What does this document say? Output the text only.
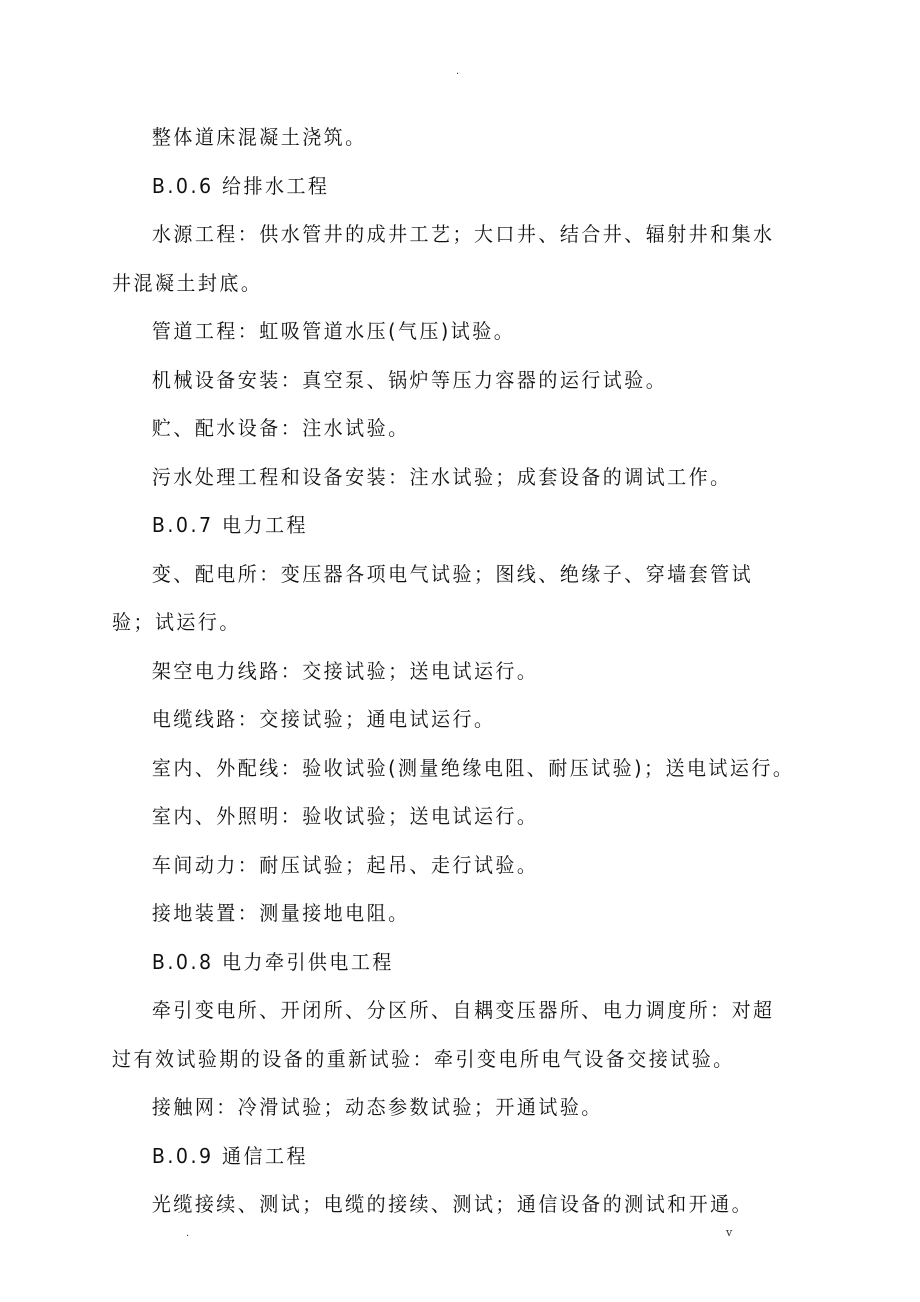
.

整体道床混凝土浇筑。

B.0.6 给排水工程

水源工程：供水管井的成井工艺；大口井、结合井、辐射井和集水井混凝土封底。

管道工程：虹吸管道水压(气压)试验。

机械设备安装：真空泵、锅炉等压力容器的运行试验。

贮、配水设备：注水试验。

污水处理工程和设备安装：注水试验；成套设备的调试工作。

B.0.7 电力工程

变、配电所：变压器各项电气试验；图线、绝缘子、穿墙套管试验；试运行。

架空电力线路：交接试验；送电试运行。

电缆线路：交接试验；通电试运行。

室内、外配线：验收试验(测量绝缘电阻、耐压试验)；送电试运行。

室内、外照明：验收试验；送电试运行。

车间动力：耐压试验；起吊、走行试验。

接地装置：测量接地电阻。

B.0.8 电力牵引供电工程

牵引变电所、开闭所、分区所、自耦变压器所、电力调度所：对超过有效试验期的设备的重新试验：牵引变电所电气设备交接试验。

接触网：冷滑试验；动态参数试验；开通试验。

B.0.9 通信工程

光缆接续、测试；电缆的接续、测试；通信设备的测试和开通。

.	v
